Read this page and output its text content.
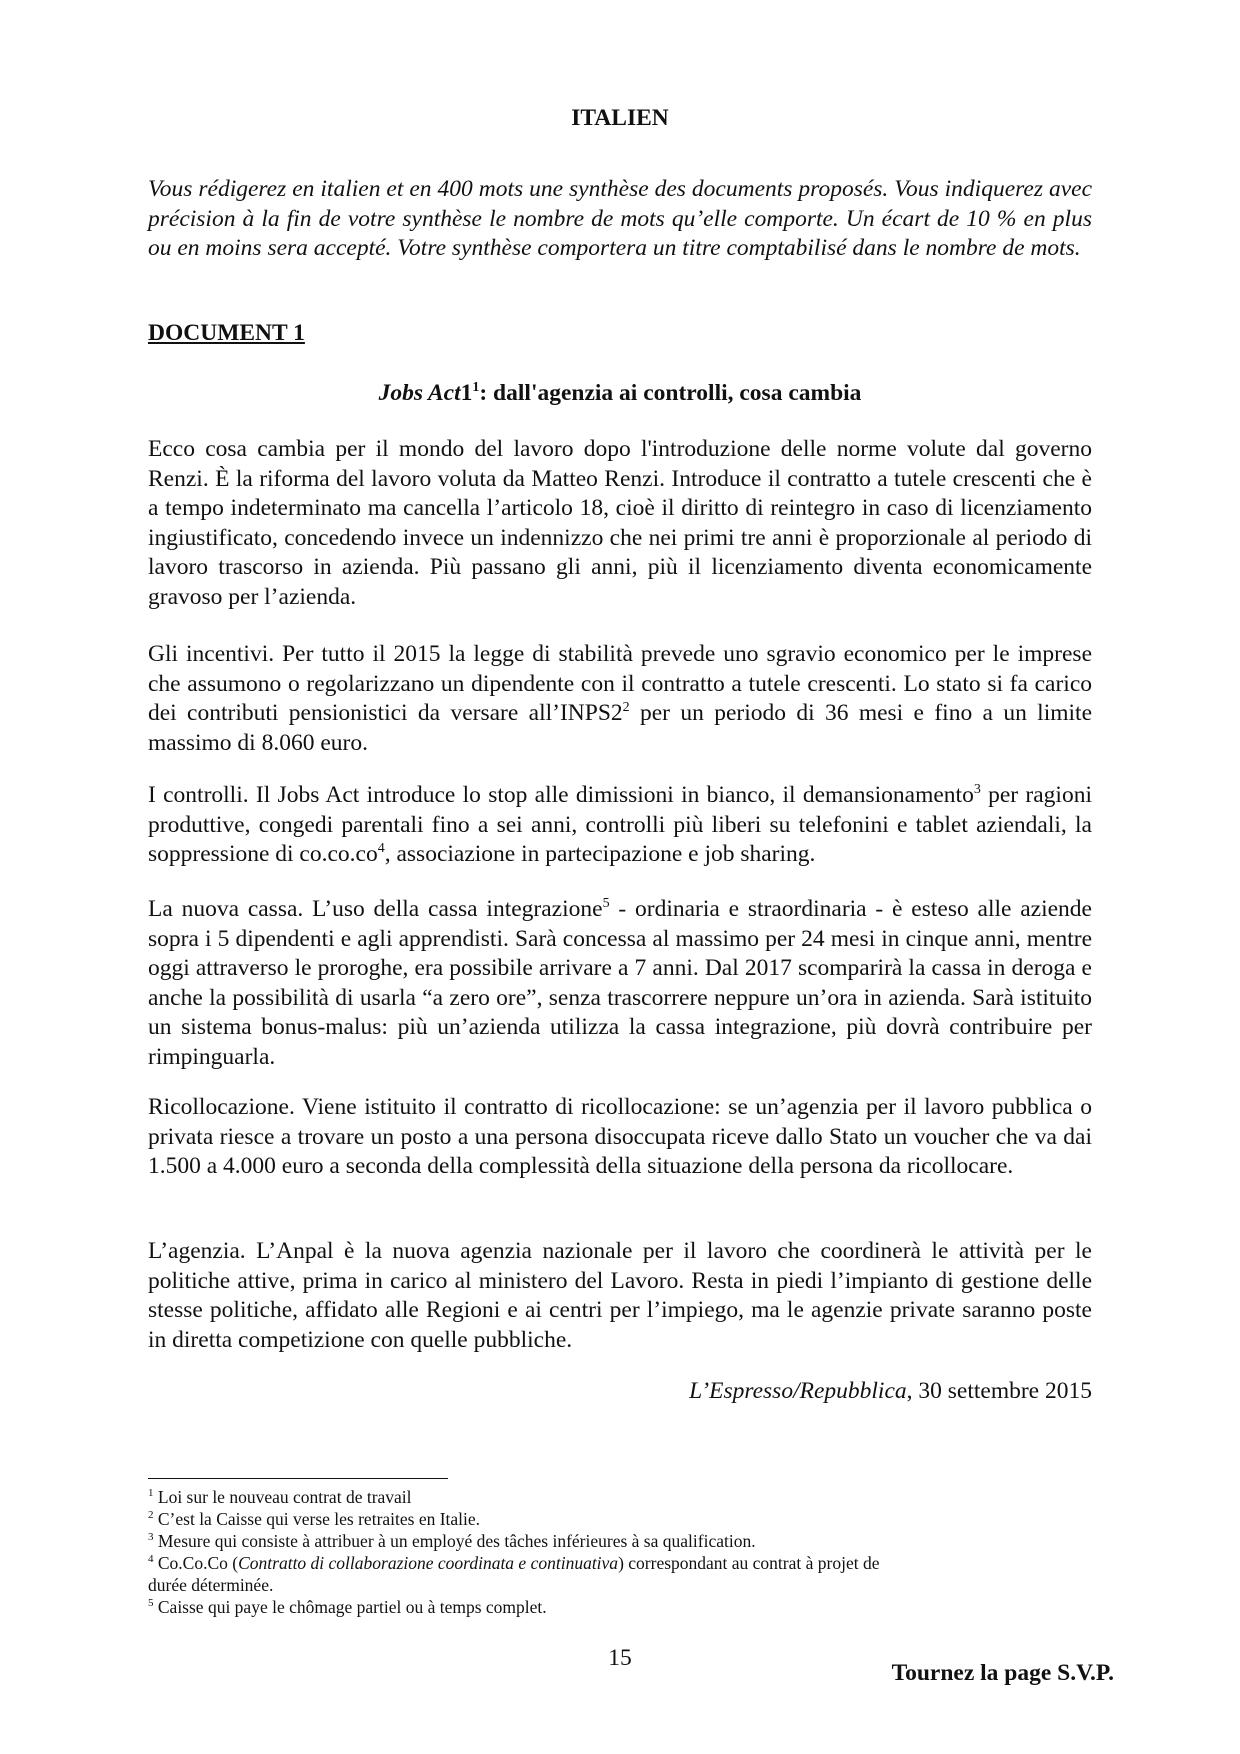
ITALIEN

Vous rédigerez en italien et en 400 mots une synthèse des documents proposés. Vous indiquerez avec précision à la fin de votre synthèse le nombre de mots qu’elle comporte. Un écart de 10 % en plus ou en moins sera accepté. Votre synthèse comportera un titre comptabilisé dans le nombre de mots.

DOCUMENT 1

Jobs $Act1^1$: dall'agenzia ai controlli, cosa cambia

Ecco cosa cambia per il mondo del lavoro dopo l'introduzione delle norme volute dal governo Renzi. È la riforma del lavoro voluta da Matteo Renzi. Introduce il contratto a tutele crescenti che è a tempo indeterminato ma cancella l’articolo 18, cioè il diritto di reintegro in caso di licenziamento ingiustificato, concedendo invece un indennizzo che nei primi tre anni è proporzionale al periodo di lavoro trascorso in azienda. Più passano gli anni, più il licenziamento diventa economicamente gravoso per l’azienda.

Gli incentivi. Per tutto il 2015 la legge di stabilità prevede uno sgravio economico per le imprese che assumono o regolarizzano un dipendente con il contratto a tutele crescenti. Lo stato si fa carico dei contributi pensionistici da versare $all’INPS2^2$ per un periodo di 36 mesi e fino a un limite massimo di 8.060 euro.

I controlli. Il Jobs Act introduce lo stop alle dimissioni in bianco, il demansionamento$^3$ per ragioni produttive, congedi parentali fino a sei anni, controlli più liberi su telefonini e tablet aziendali, la soppressione di $co.co.co^4$, associazione in partecipazione e job sharing.

La nuova cassa. L’uso della cassa integrazione$^5$ - ordinaria e straordinaria - è esteso alle aziende sopra i 5 dipendenti e agli apprendisti. Sarà concessa al massimo per 24 mesi in cinque anni, mentre oggi attraverso le proroghe, era possibile arrivare a 7 anni. Dal 2017 scomparirà la cassa in deroga e anche la possibilità di usarla “a zero ore”, senza trascorrere neppure un’ora in azienda. Sarà istituito un sistema bonus-malus: più un’azienda utilizza la cassa integrazione, più dovrà contribuire per rimpinguarla.

Ricollocazione. Viene istituito il contratto di ricollocazione: se un’agenzia per il lavoro pubblica o privata riesce a trovare un posto a una persona disoccupata riceve dallo Stato un voucher che va dai 1.500 a 4.000 euro a seconda della complessità della situazione della persona da ricollocare.

L’agenzia. L’Anpal è la nuova agenzia nazionale per il lavoro che coordinerà le attività per le politiche attive, prima in carico al ministero del Lavoro. Resta in piedi l’impianto di gestione delle stesse politiche, affidato alle Regioni e ai centri per l’impiego, ma le agenzie private saranno poste in diretta competizione con quelle pubbliche.

L’Espresso/Repubblica, 30 settembre 2015

$^1$ Loi sur le nouveau contrat de travail
$^2$ C’est la Caisse qui verse les retraites en Italie.
$^3$ Mesure qui consiste à attribuer à un employé des tâches inférieures à sa qualification.
$^4$ Co.Co.Co (Contratto di collaborazione coordinata e continuativa) correspondant au contrat à projet de durée déterminée.
$^5$ Caisse qui paye le chômage partiel ou à temps complet.

15

Tournez la page S.V.P.
